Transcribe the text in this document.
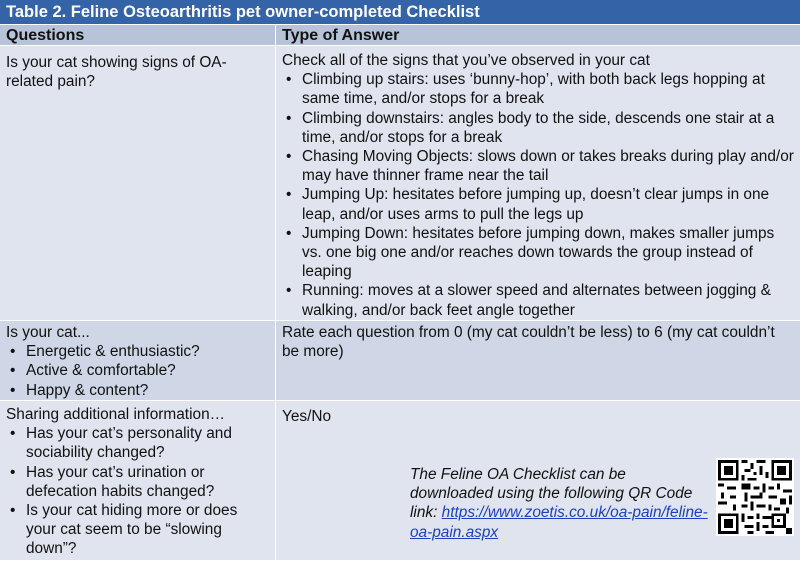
Table 2. Feline Osteoarthritis pet owner-completed Checklist
Questions	Type of Answer
Is your cat showing signs of OA-
related pain?
Check all of the signs that you’ve observed in your cat
• Climbing up stairs: uses ‘bunny-hop’, with both back legs hopping at same time, and/or stops for a break
• Climbing downstairs: angles body to the side, descends one stair at a time, and/or stops for a break
• Chasing Moving Objects: slows down or takes breaks during play and/or may have thinner frame near the tail
• Jumping Up: hesitates before jumping up, doesn’t clear jumps in one leap, and/or uses arms to pull the legs up
• Jumping Down: hesitates before jumping down, makes smaller jumps vs. one big one and/or reaches down towards the group instead of leaping
• Running: moves at a slower speed and alternates between jogging & walking, and/or back feet angle together
Is your cat...
• Energetic & enthusiastic?
• Active & comfortable?
• Happy & content?
Rate each question from 0 (my cat couldn’t be less) to 6 (my cat couldn’t be more)
Sharing additional information…
• Has your cat’s personality and sociability changed?
• Has your cat’s urination or defecation habits changed?
• Is your cat hiding more or does your cat seem to be “slowing down”?
Yes/No
The Feline OA Checklist can be downloaded using the following QR Code link: https://www.zoetis.co.uk/oa-pain/feline-oa-pain.aspx
